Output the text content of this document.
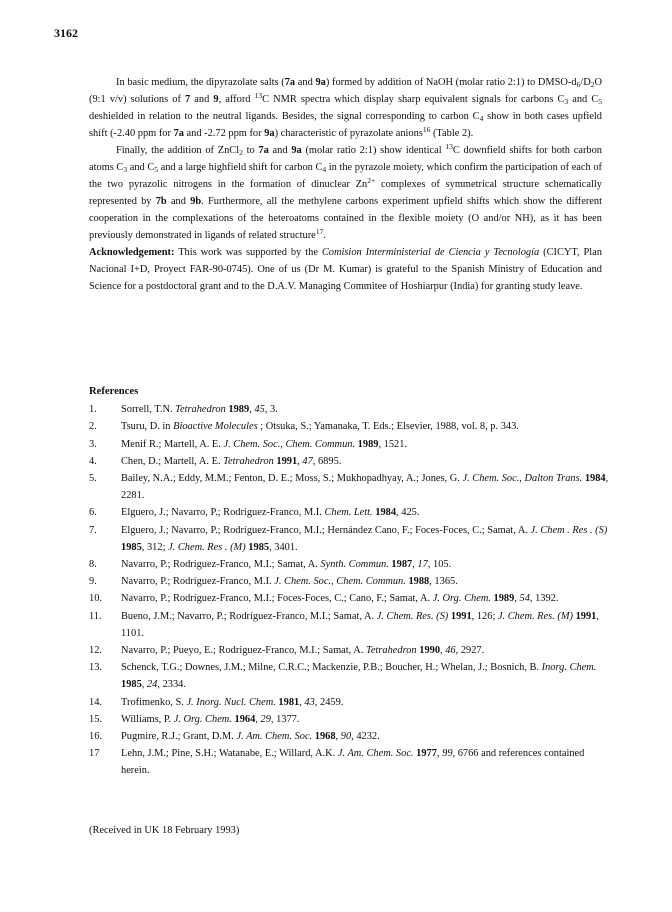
3162

In basic medium, the dipyrazolate salts (7a and 9a) formed by addition of NaOH (molar ratio 2:1) to DMSO-$d_6/D_2O$ (9:1 v/v) solutions of 7 and 9, afford $^{13}$C NMR spectra which display sharp equivalent signals for carbons $C_3$ and $C_5$ deshielded in relation to the neutral ligands. Besides, the signal corresponding to carbon $C_4$ show in both cases upfield shift (-2.40 ppm for 7a and -2.72 ppm for 9a) characteristic of pyrazolate anions$^{16}$ (Table 2).

Finally, the addition of ZnCl$_2$ to 7a and 9a (molar ratio 2:1) show identical $^{13}$C downfield shifts for both carbon atoms $C_3$ and $C_5$ and a large highfield shift for carbon $C_4$ in the pyrazole moiety, which confirm the participation of each of the two pyrazolic nitrogens in the formation of dinuclear $Zn^{2+}$ complexes of symmetrical structure schematically represented by 7b and 9b. Furthermore, all the methylene carbons experiment upfield shifts which show the different cooperation in the complexations of the heteroatoms contained in the flexible moiety (O and/or NH), as it has been previously demonstrated in ligands of related structure$^{17}$.

Acknowledgement: This work was supported by the Comision Interministerial de Ciencia y Tecnología (CICYT, Plan Nacional I+D, Proyect FAR-90-0745). One of us (Dr M. Kumar) is grateful to the Spanish Ministry of Education and Science for a postdoctoral grant and to the D.A.V. Managing Commitee of Hoshiarpur (India) for granting study leave.

References

1. Sorrell, T.N. Tetrahedron 1989, 45, 3.
2. Tsuru, D. in Bioactive Molecules ; Otsuka, S.; Yamanaka, T. Eds.; Elsevier, 1988, vol. 8, p. 343.
3. Menif R.; Martell, A. E. J. Chem. Soc., Chem. Commun. 1989, 1521.
4. Chen, D.; Martell, A. E. Tetrahedron 1991, 47, 6895.
5. Bailey, N.A.; Eddy, M.M.; Fenton, D. E.; Moss, S.; Mukhopadhyay, A.; Jones, G. J. Chem. Soc., Dalton Trans. 1984, 2281.
6. Elguero, J.; Navarro, P.; Rodríguez-Franco, M.I. Chem. Lett. 1984, 425.
7. Elguero, J.; Navarro, P.; Rodríguez-Franco, M.I.; Hernández Cano, F.; Foces-Foces, C.; Samat, A. J. Chem . Res . (S) 1985, 312; J. Chem. Res . (M) 1985, 3401.
8. Navarro, P.; Rodríguez-Franco, M.I.; Samat, A. Synth. Commun. 1987, 17, 105.
9. Navarro, P.; Rodríguez-Franco, M.I. J. Chem. Soc., Chem. Commun. 1988, 1365.
10. Navarro, P.; Rodríguez-Franco, M.I.; Foces-Foces, C.; Cano, F.; Samat, A. J. Org. Chem. 1989, 54, 1392.
11. Bueno, J.M.; Navarro, P.; Rodríguez-Franco, M.I.; Samat, A. J. Chem. Res. (S) 1991, 126; J. Chem. Res. (M) 1991, 1101.
12. Navarro, P.; Pueyo, E.; Rodriguez-Franco, M.I.; Samat, A. Tetrahedron 1990, 46, 2927.
13. Schenck, T.G.; Downes, J.M.; Milne, C.R.C.; Mackenzie, P.B.; Boucher, H.; Whelan, J.; Bosnich, B. Inorg. Chem. 1985, 24, 2334.
14. Trofimenko, S. J. Inorg. Nucl. Chem. 1981, 43, 2459.
15. Williams, P. J. Org. Chem. 1964, 29, 1377.
16. Pugmire, R.J.; Grant, D.M. J. Am. Chem. Soc. 1968, 90, 4232.
17 Lehn, J.M.; Pine, S.H.; Watanabe, E.; Willard, A.K. J. Am. Chem. Soc. 1977, 99, 6766 and references contained herein.

(Received in UK 18 February 1993)
